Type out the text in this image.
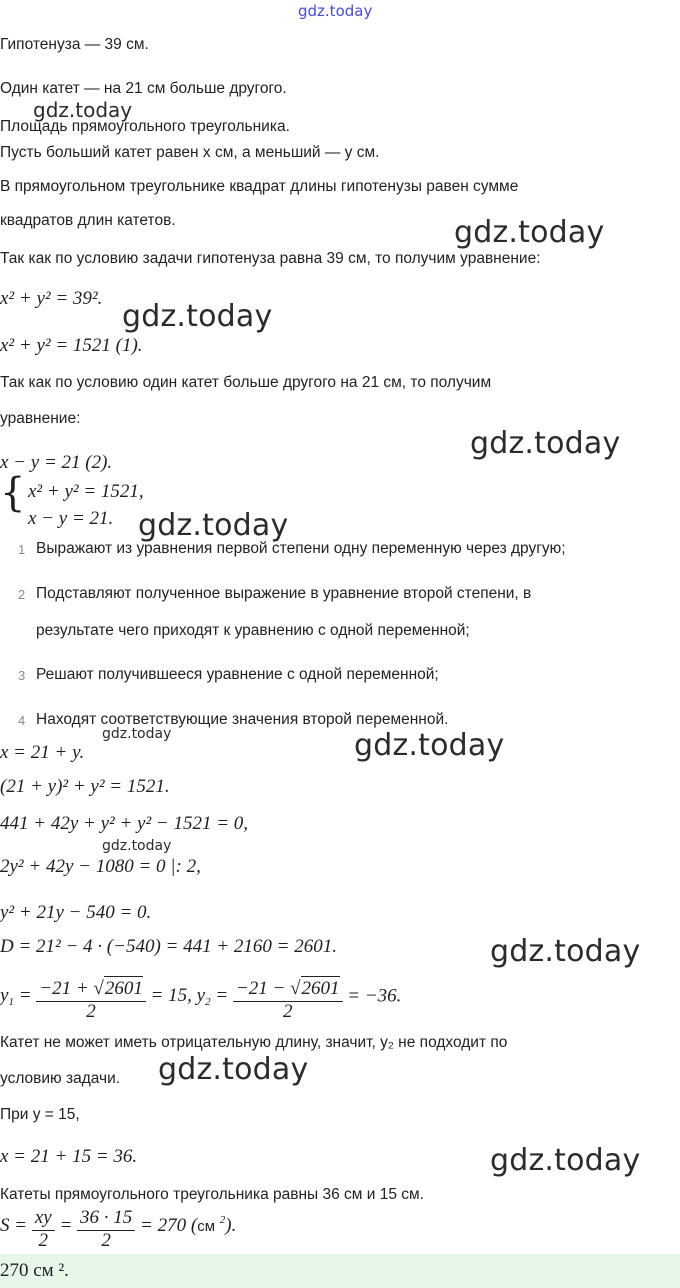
gdz.today
Гипотенуза — 39 см.
Один катет — на 21 см больше другого.
gdz.today
Площадь прямоугольного треугольника.
Пусть больший катет равен x см, а меньший — y см.
В прямоугольном треугольнике квадрат длины гипотенузы равен сумме
квадратов длин катетов.	gdz.today
Так как по условию задачи гипотенуза равна 39 см, то получим уравнение:
x² + y² = 39².
gdz.today
x² + y² = 1521 (1).
Так как по условию один катет больше другого на 21 см, то получим
уравнение:
gdz.today
x − y = 21 (2).
{ x² + y² = 1521,
x − y = 21. gdz.today
1 Выражают из уравнения первой степени одну переменную через другую;
2 Подставляют полученное выражение в уравнение второй степени, в
результате чего приходят к уравнению с одной переменной;
3 Решают получившееся уравнение с одной переменной;
4 Находят соответствующие значения второй переменной.
gdz.today	gdz.today
x = 21 + y.
(21 + y)² + y² = 1521.
441 + 42y + y² + y² − 1521 = 0,
gdz.today
2y² + 42y − 1080 = 0 |: 2,
y² + 21y − 540 = 0.
D = 21² − 4 · (−540) = 441 + 2160 = 2601.	gdz.today
$y_1 = \frac{-21 + √2601}{2} = 15$, $y_2 = \frac{-21 - √2601}{2} = -36$.
Катет не может иметь отрицательную длину, значит, y₂ не подходит по
условию задачи. gdz.today
При y = 15,
x = 21 + 15 = 36.	gdz.today
Катеты прямоугольного треугольника равны 36 см и 15 см.
$S = \frac{xy}{2} = \frac{36 \cdot 15}{2} = 270$ (см $^2$).
270 см ².
